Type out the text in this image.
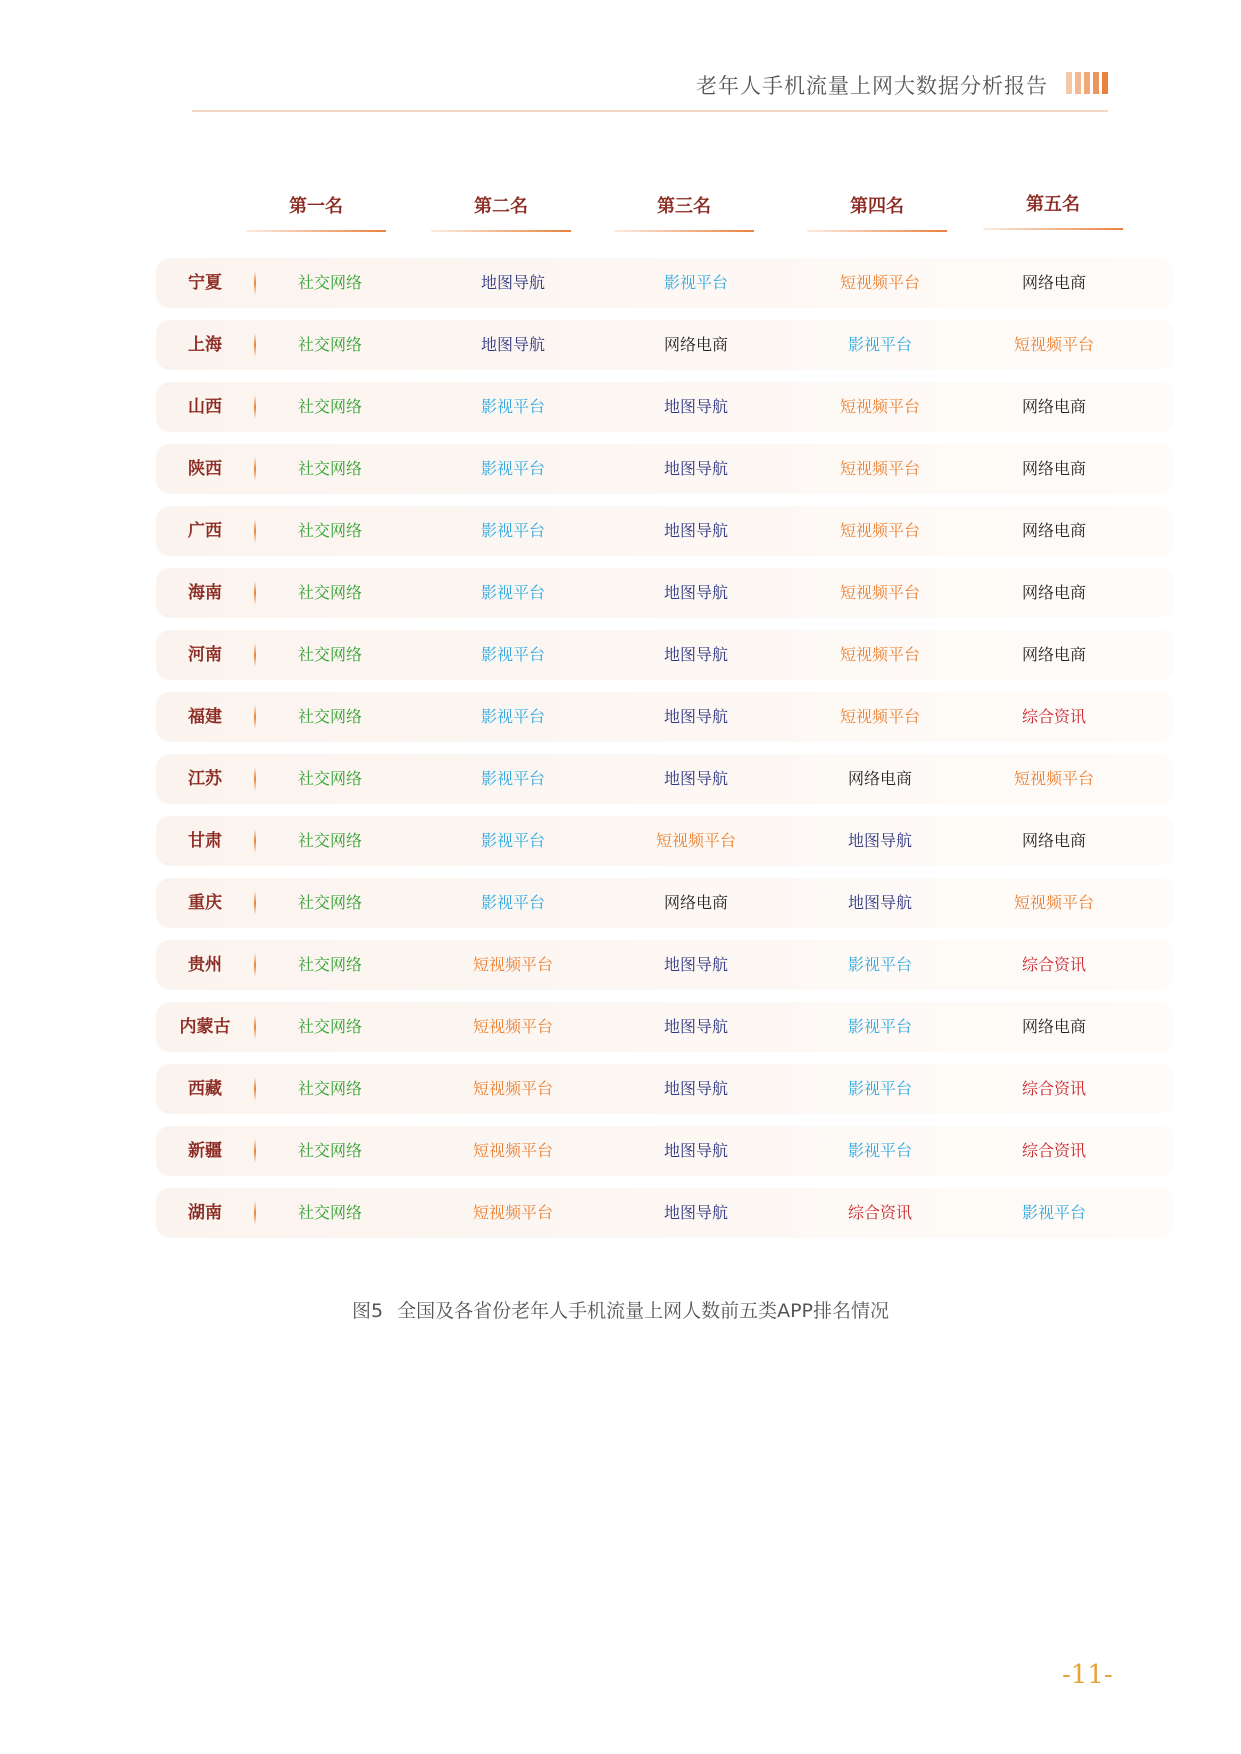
老年人手机流量上网大数据分析报告
第一名	第二名	第三名	第四名	第五名
宁夏	社交网络	地图导航	影视平台	短视频平台	网络电商
上海	社交网络	地图导航	网络电商	影视平台	短视频平台
山西	社交网络	影视平台	地图导航	短视频平台	网络电商
陕西	社交网络	影视平台	地图导航	短视频平台	网络电商
广西	社交网络	影视平台	地图导航	短视频平台	网络电商
海南	社交网络	影视平台	地图导航	短视频平台	网络电商
河南	社交网络	影视平台	地图导航	短视频平台	网络电商
福建	社交网络	影视平台	地图导航	短视频平台	综合资讯
江苏	社交网络	影视平台	地图导航	网络电商	短视频平台
甘肃	社交网络	影视平台	短视频平台	地图导航	网络电商
重庆	社交网络	影视平台	网络电商	地图导航	短视频平台
贵州	社交网络	短视频平台	地图导航	影视平台	综合资讯
内蒙古	社交网络	短视频平台	地图导航	影视平台	网络电商
西藏	社交网络	短视频平台	地图导航	影视平台	综合资讯
新疆	社交网络	短视频平台	地图导航	影视平台	综合资讯
湖南	社交网络	短视频平台	地图导航	综合资讯	影视平台
图5 全国及各省份老年人手机流量上网人数前五类APP排名情况
-11-
